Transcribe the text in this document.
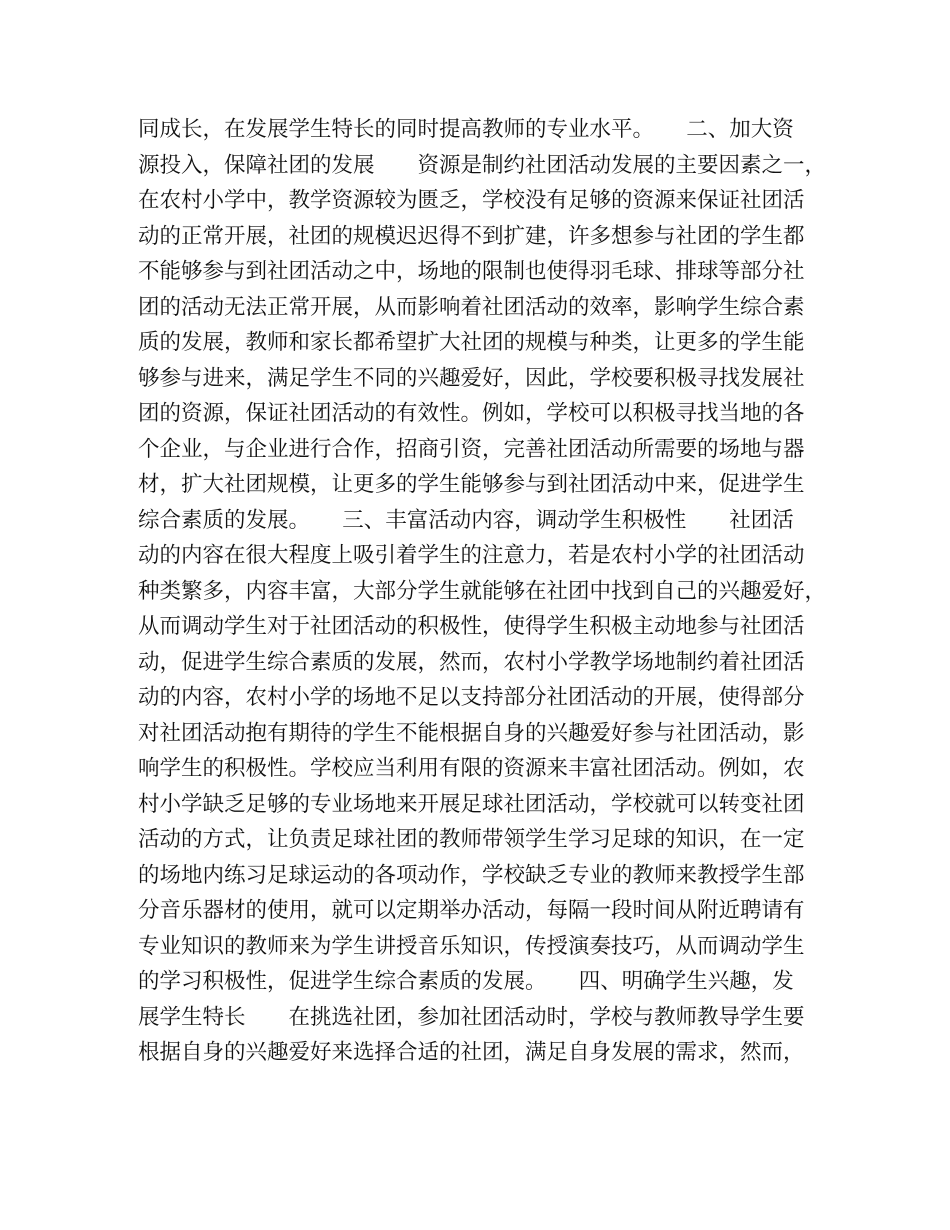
同成长，在发展学生特长的同时提高教师的专业水平。　　二、加大资
源投入，保障社团的发展　　资源是制约社团活动发展的主要因素之一，
在农村小学中，教学资源较为匮乏，学校没有足够的资源来保证社团活
动的正常开展，社团的规模迟迟得不到扩建，许多想参与社团的学生都
不能够参与到社团活动之中，场地的限制也使得羽毛球、排球等部分社
团的活动无法正常开展，从而影响着社团活动的效率，影响学生综合素
质的发展，教师和家长都希望扩大社团的规模与种类，让更多的学生能
够参与进来，满足学生不同的兴趣爱好，因此，学校要积极寻找发展社
团的资源，保证社团活动的有效性。例如，学校可以积极寻找当地的各
个企业，与企业进行合作，招商引资，完善社团活动所需要的场地与器
材，扩大社团规模，让更多的学生能够参与到社团活动中来，促进学生
综合素质的发展。　　三、丰富活动内容，调动学生积极性　　社团活
动的内容在很大程度上吸引着学生的注意力，若是农村小学的社团活动
种类繁多，内容丰富，大部分学生就能够在社团中找到自己的兴趣爱好，
从而调动学生对于社团活动的积极性，使得学生积极主动地参与社团活
动，促进学生综合素质的发展，然而，农村小学教学场地制约着社团活
动的内容，农村小学的场地不足以支持部分社团活动的开展，使得部分
对社团活动抱有期待的学生不能根据自身的兴趣爱好参与社团活动，影
响学生的积极性。学校应当利用有限的资源来丰富社团活动。例如，农
村小学缺乏足够的专业场地来开展足球社团活动，学校就可以转变社团
活动的方式，让负责足球社团的教师带领学生学习足球的知识，在一定
的场地内练习足球运动的各项动作，学校缺乏专业的教师来教授学生部
分音乐器材的使用，就可以定期举办活动，每隔一段时间从附近聘请有
专业知识的教师来为学生讲授音乐知识，传授演奏技巧，从而调动学生
的学习积极性，促进学生综合素质的发展。　　四、明确学生兴趣，发
展学生特长　　在挑选社团，参加社团活动时，学校与教师教导学生要
根据自身的兴趣爱好来选择合适的社团，满足自身发展的需求，然而，
